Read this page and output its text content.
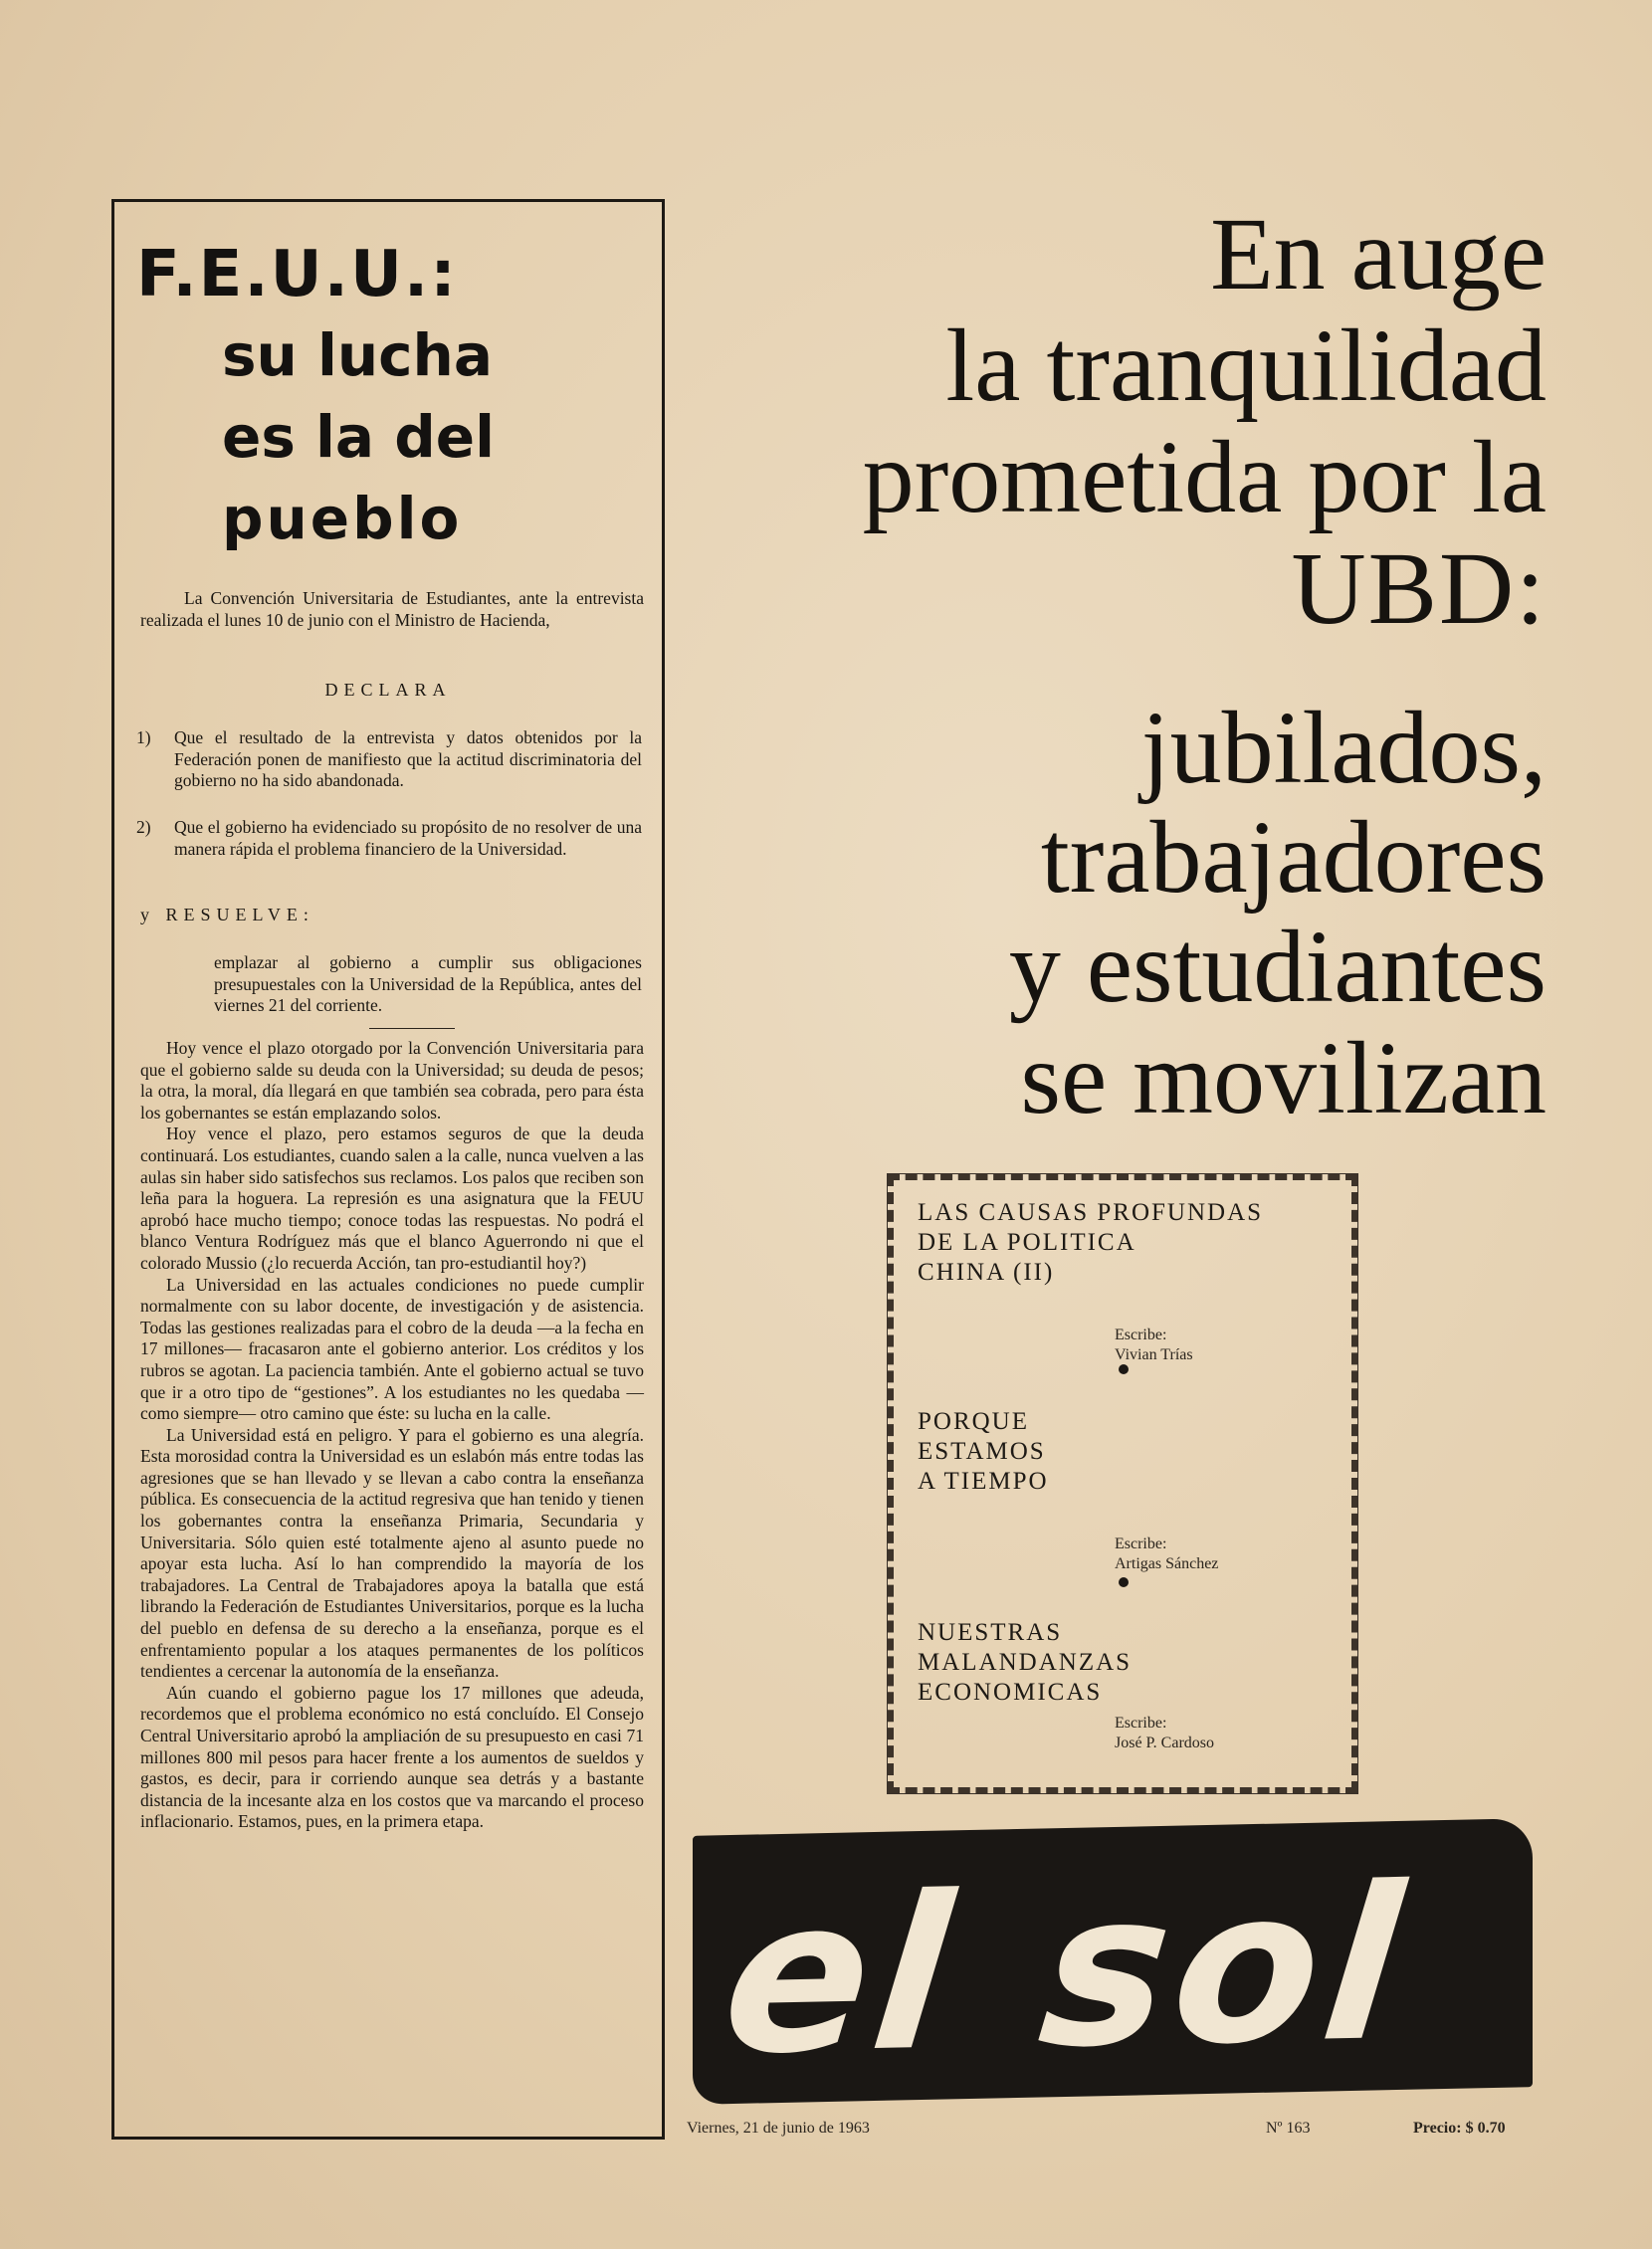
F.E.U.U.:
su lucha
es la del
pueblo
La Convención Universitaria de Estudiantes, ante la entrevista realizada el lunes 10 de junio con el Ministro de Hacienda,
DECLARA
1) Que el resultado de la entrevista y datos obtenidos por la Federación ponen de manifiesto que la actitud discriminatoria del gobierno no ha sido abandonada.
2) Que el gobierno ha evidenciado su propósito de no resolver de una manera rápida el problema financiero de la Universidad.
y RESUELVE:
emplazar al gobierno a cumplir sus obligaciones presupuestales con la Universidad de la República, antes del viernes 21 del corriente.

Hoy vence el plazo otorgado por la Convención Universitaria para que el gobierno salde su deuda con la Universidad; su deuda de pesos; la otra, la moral, día llegará en que también sea cobrada, pero para ésta los gobernantes se están emplazando solos.

Hoy vence el plazo, pero estamos seguros de que la deuda continuará. Los estudiantes, cuando salen a la calle, nunca vuelven a las aulas sin haber sido satisfechos sus reclamos. Los palos que reciben son leña para la hoguera. La represión es una asignatura que la FEUU aprobó hace mucho tiempo; conoce todas las respuestas. No podrá el blanco Ventura Rodríguez más que el blanco Aguerrondo ni que el colorado Mussio (¿lo recuerda Acción, tan pro-estudiantil hoy?)

La Universidad en las actuales condiciones no puede cumplir normalmente con su labor docente, de investigación y de asistencia. Todas las gestiones realizadas para el cobro de la deuda —a la fecha en 17 millones— fracasaron ante el gobierno anterior. Los créditos y los rubros se agotan. La paciencia también. Ante el gobierno actual se tuvo que ir a otro tipo de “gestiones”. A los estudiantes no les quedaba —como siempre— otro camino que éste: su lucha en la calle.

La Universidad está en peligro. Y para el gobierno es una alegría. Esta morosidad contra la Universidad es un eslabón más entre todas las agresiones que se han llevado y se llevan a cabo contra la enseñanza pública. Es consecuencia de la actitud regresiva que han tenido y tienen los gobernantes contra la enseñanza Primaria, Secundaria y Universitaria. Sólo quien esté totalmente ajeno al asunto puede no apoyar esta lucha. Así lo han comprendido la mayoría de los trabajadores. La Central de Trabajadores apoya la batalla que está librando la Federación de Estudiantes Universitarios, porque es la lucha del pueblo en defensa de su derecho a la enseñanza, porque es el enfrentamiento popular a los ataques permanentes de los políticos tendientes a cercenar la autonomía de la enseñanza.

Aún cuando el gobierno pague los 17 millones que adeuda, recordemos que el problema económico no está concluído. El Consejo Central Universitario aprobó la ampliación de su presupuesto en casi 71 millones 800 mil pesos para hacer frente a los aumentos de sueldos y gastos, es decir, para ir corriendo aunque sea detrás y a bastante distancia de la incesante alza en los costos que va marcando el proceso inflacionario. Estamos, pues, en la primera etapa.

En auge
la tranquilidad
prometida por la
UBD:
jubilados,
trabajadores
y estudiantes
se movilizan
LAS CAUSAS PROFUNDAS
DE LA POLITICA
CHINA (II)
Escribe:
Vivian Trías
PORQUE
ESTAMOS
A TIEMPO
Escribe:
Artigas Sánchez
NUESTRAS
MALANDANZAS
ECONOMICAS
Escribe:
José P. Cardoso
el sol
Viernes, 21 de junio de 1963	Nº 163	Precio: $ 0.70
